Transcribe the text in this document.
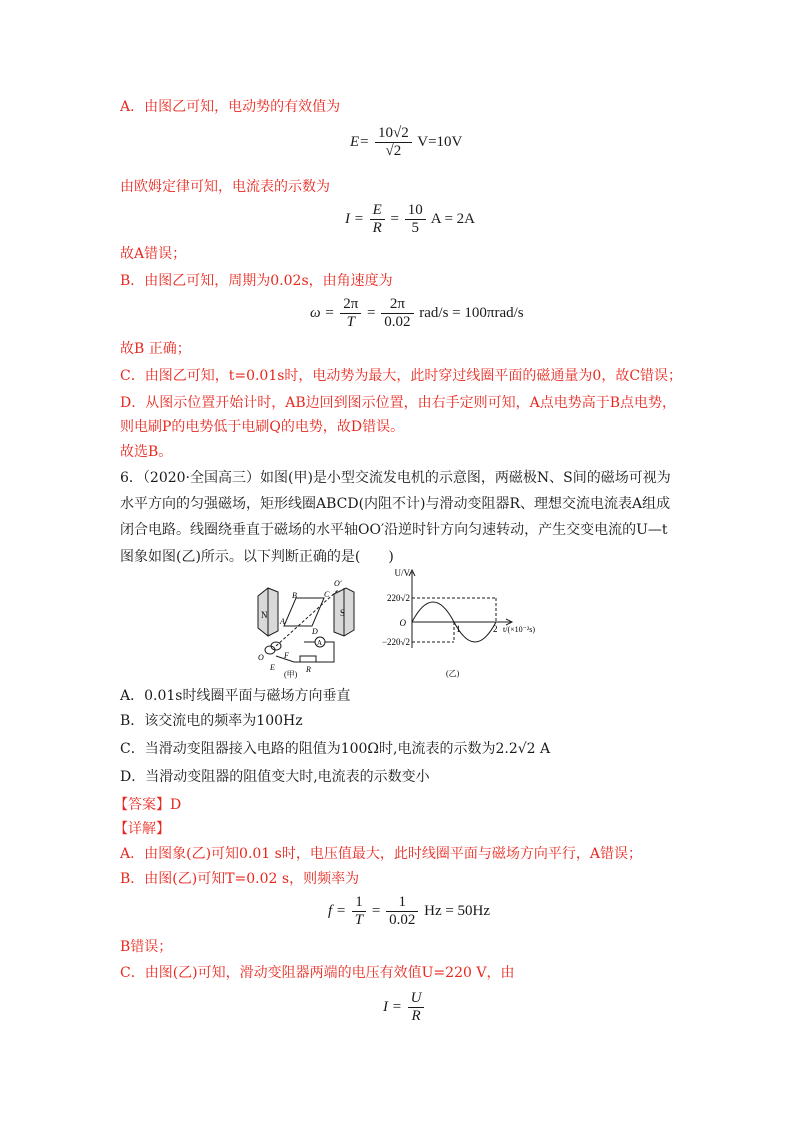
A．由图乙可知，电动势的有效值为
$E= \frac{10√2}{√2} V=10V$
由欧姆定律可知，电流表的示数为
$I = \frac{E}{R} = \frac{10}{5}$ A = 2A
故A错误；
B．由图乙可知，周期为0.02s，由角速度为
$\omega = \frac{2\pi}{T} = \frac{2\pi}{0.02} rad/s = 100\pi rad/s$
故B 正确；
C．由图乙可知，t=0.01s时，电动势为最大，此时穿过线圈平面的磁通量为0，故C错误；
D．从图示位置开始计时，AB边回到图示位置，由右手定则可知，A点电势高于B点电势，
则电刷P的电势低于电刷Q的电势，故D错误。
故选B。
6．（2020·全国高三）如图(甲)是小型交流发电机的示意图，两磁极N、S间的磁场可视为
水平方向的匀强磁场，矩形线圈ABCD(内阻不计)与滑动变阻器R、理想交流电流表A组成
闭合电路。线圈绕垂直于磁场的水平轴OO′沿逆时针方向匀速转动，产生交变电流的U—t
图象如图(乙)所示。以下判断正确的是(　　)
N	S
A
B	C
D
O
O′
E
F
R
A
(甲)
U/V
220√2
−220√2
O
1	2 t/(×10⁻²s)
(乙)
A．0.01s时线圈平面与磁场方向垂直
B．该交流电的频率为100Hz
C．当滑动变阻器接入电路的阻值为100Ω时,电流表的示数为2.2√2 A
D．当滑动变阻器的阻值变大时,电流表的示数变小
【答案】D
【详解】
A．由图象(乙)可知0.01 s时，电压值最大，此时线圈平面与磁场方向平行，A错误；
B．由图(乙)可知T=0.02 s，则频率为
$f = \frac{1}{T} = \frac{1}{0.02}$ Hz = 50Hz
B错误；
C．由图(乙)可知，滑动变阻器两端的电压有效值U=220 V，由
$I = \frac{U}{R}$
